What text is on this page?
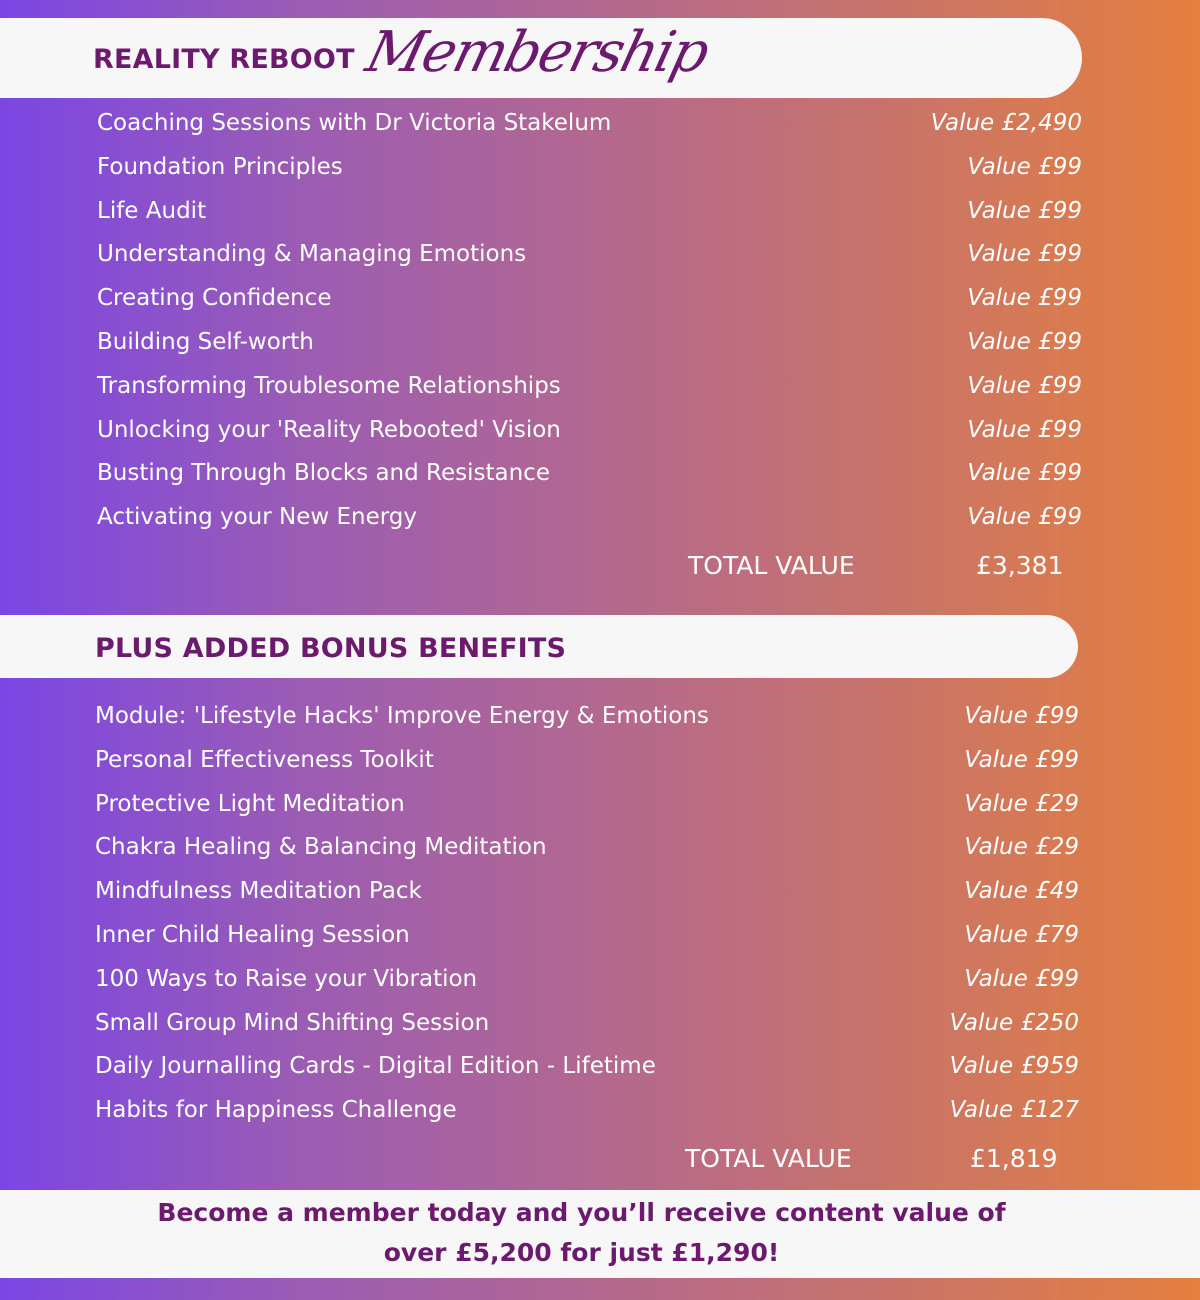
REALITY REBOOT Membership
Coaching Sessions with Dr Victoria Stakelum	Value £2,490
Foundation Principles	Value £99
Life Audit	Value £99
Understanding & Managing Emotions	Value £99
Creating Confidence	Value £99
Building Self-worth	Value £99
Transforming Troublesome Relationships	Value £99
Unlocking your 'Reality Rebooted' Vision	Value £99
Busting Through Blocks and Resistance	Value £99
Activating your New Energy	Value £99
TOTAL VALUE	£3,381
PLUS ADDED BONUS BENEFITS
Module: 'Lifestyle Hacks' Improve Energy & Emotions	Value £99
Personal Effectiveness Toolkit	Value £99
Protective Light Meditation	Value £29
Chakra Healing & Balancing Meditation	Value £29
Mindfulness Meditation Pack	Value £49
Inner Child Healing Session	Value £79
100 Ways to Raise your Vibration	Value £99
Small Group Mind Shifting Session	Value £250
Daily Journalling Cards - Digital Edition - Lifetime	Value £959
Habits for Happiness Challenge	Value £127
TOTAL VALUE	£1,819
Become a member today and you’ll receive content value of
over £5,200 for just £1,290!
